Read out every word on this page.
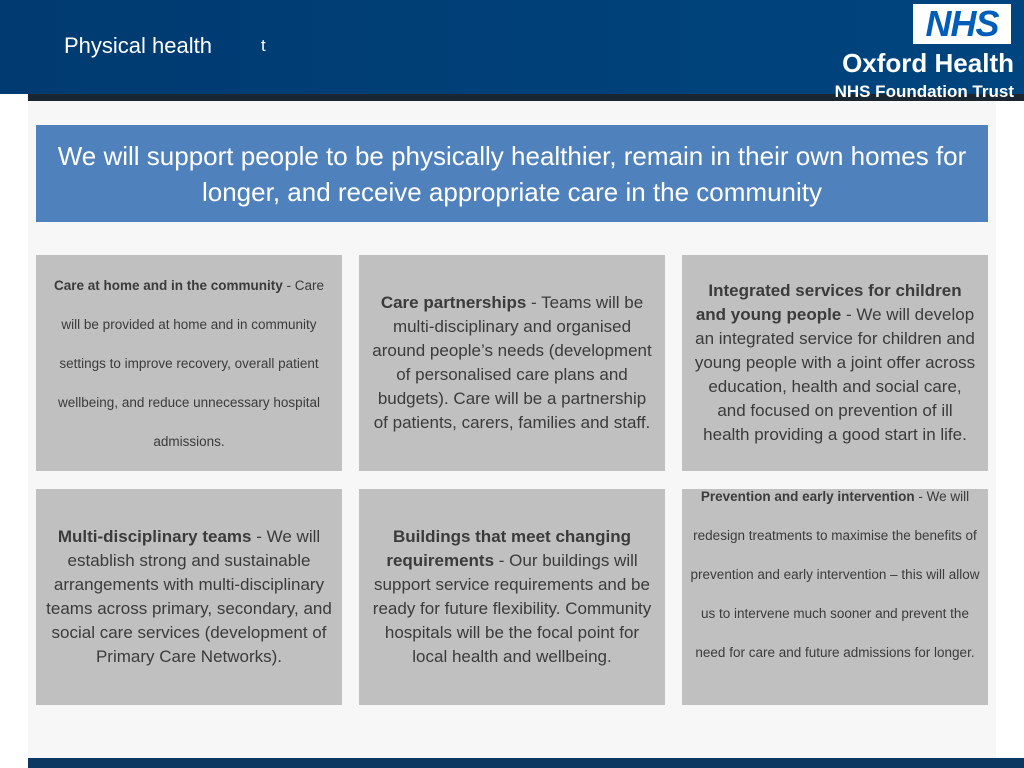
Physical health	t
NHS
Oxford Health
NHS Foundation Trust
We will support people to be physically healthier, remain in their own homes for longer, and receive appropriate care in the community

Care at home and in the community - Care will be provided at home and in community settings to improve recovery, overall patient wellbeing, and reduce unnecessary hospital admissions.

Care partnerships - Teams will be multi-disciplinary and organised around people’s needs (development of personalised care plans and budgets). Care will be a partnership of patients, carers, families and staff.

Integrated services for children and young people - We will develop an integrated service for children and young people with a joint offer across education, health and social care, and focused on prevention of ill health providing a good start in life.

Multi-disciplinary teams - We will establish strong and sustainable arrangements with multi-disciplinary teams across primary, secondary, and social care services (development of Primary Care Networks).

Buildings that meet changing requirements - Our buildings will support service requirements and be ready for future flexibility. Community hospitals will be the focal point for local health and wellbeing.

Prevention and early intervention - We will redesign treatments to maximise the benefits of prevention and early intervention – this will allow us to intervene much sooner and prevent the need for care and future admissions for longer.
